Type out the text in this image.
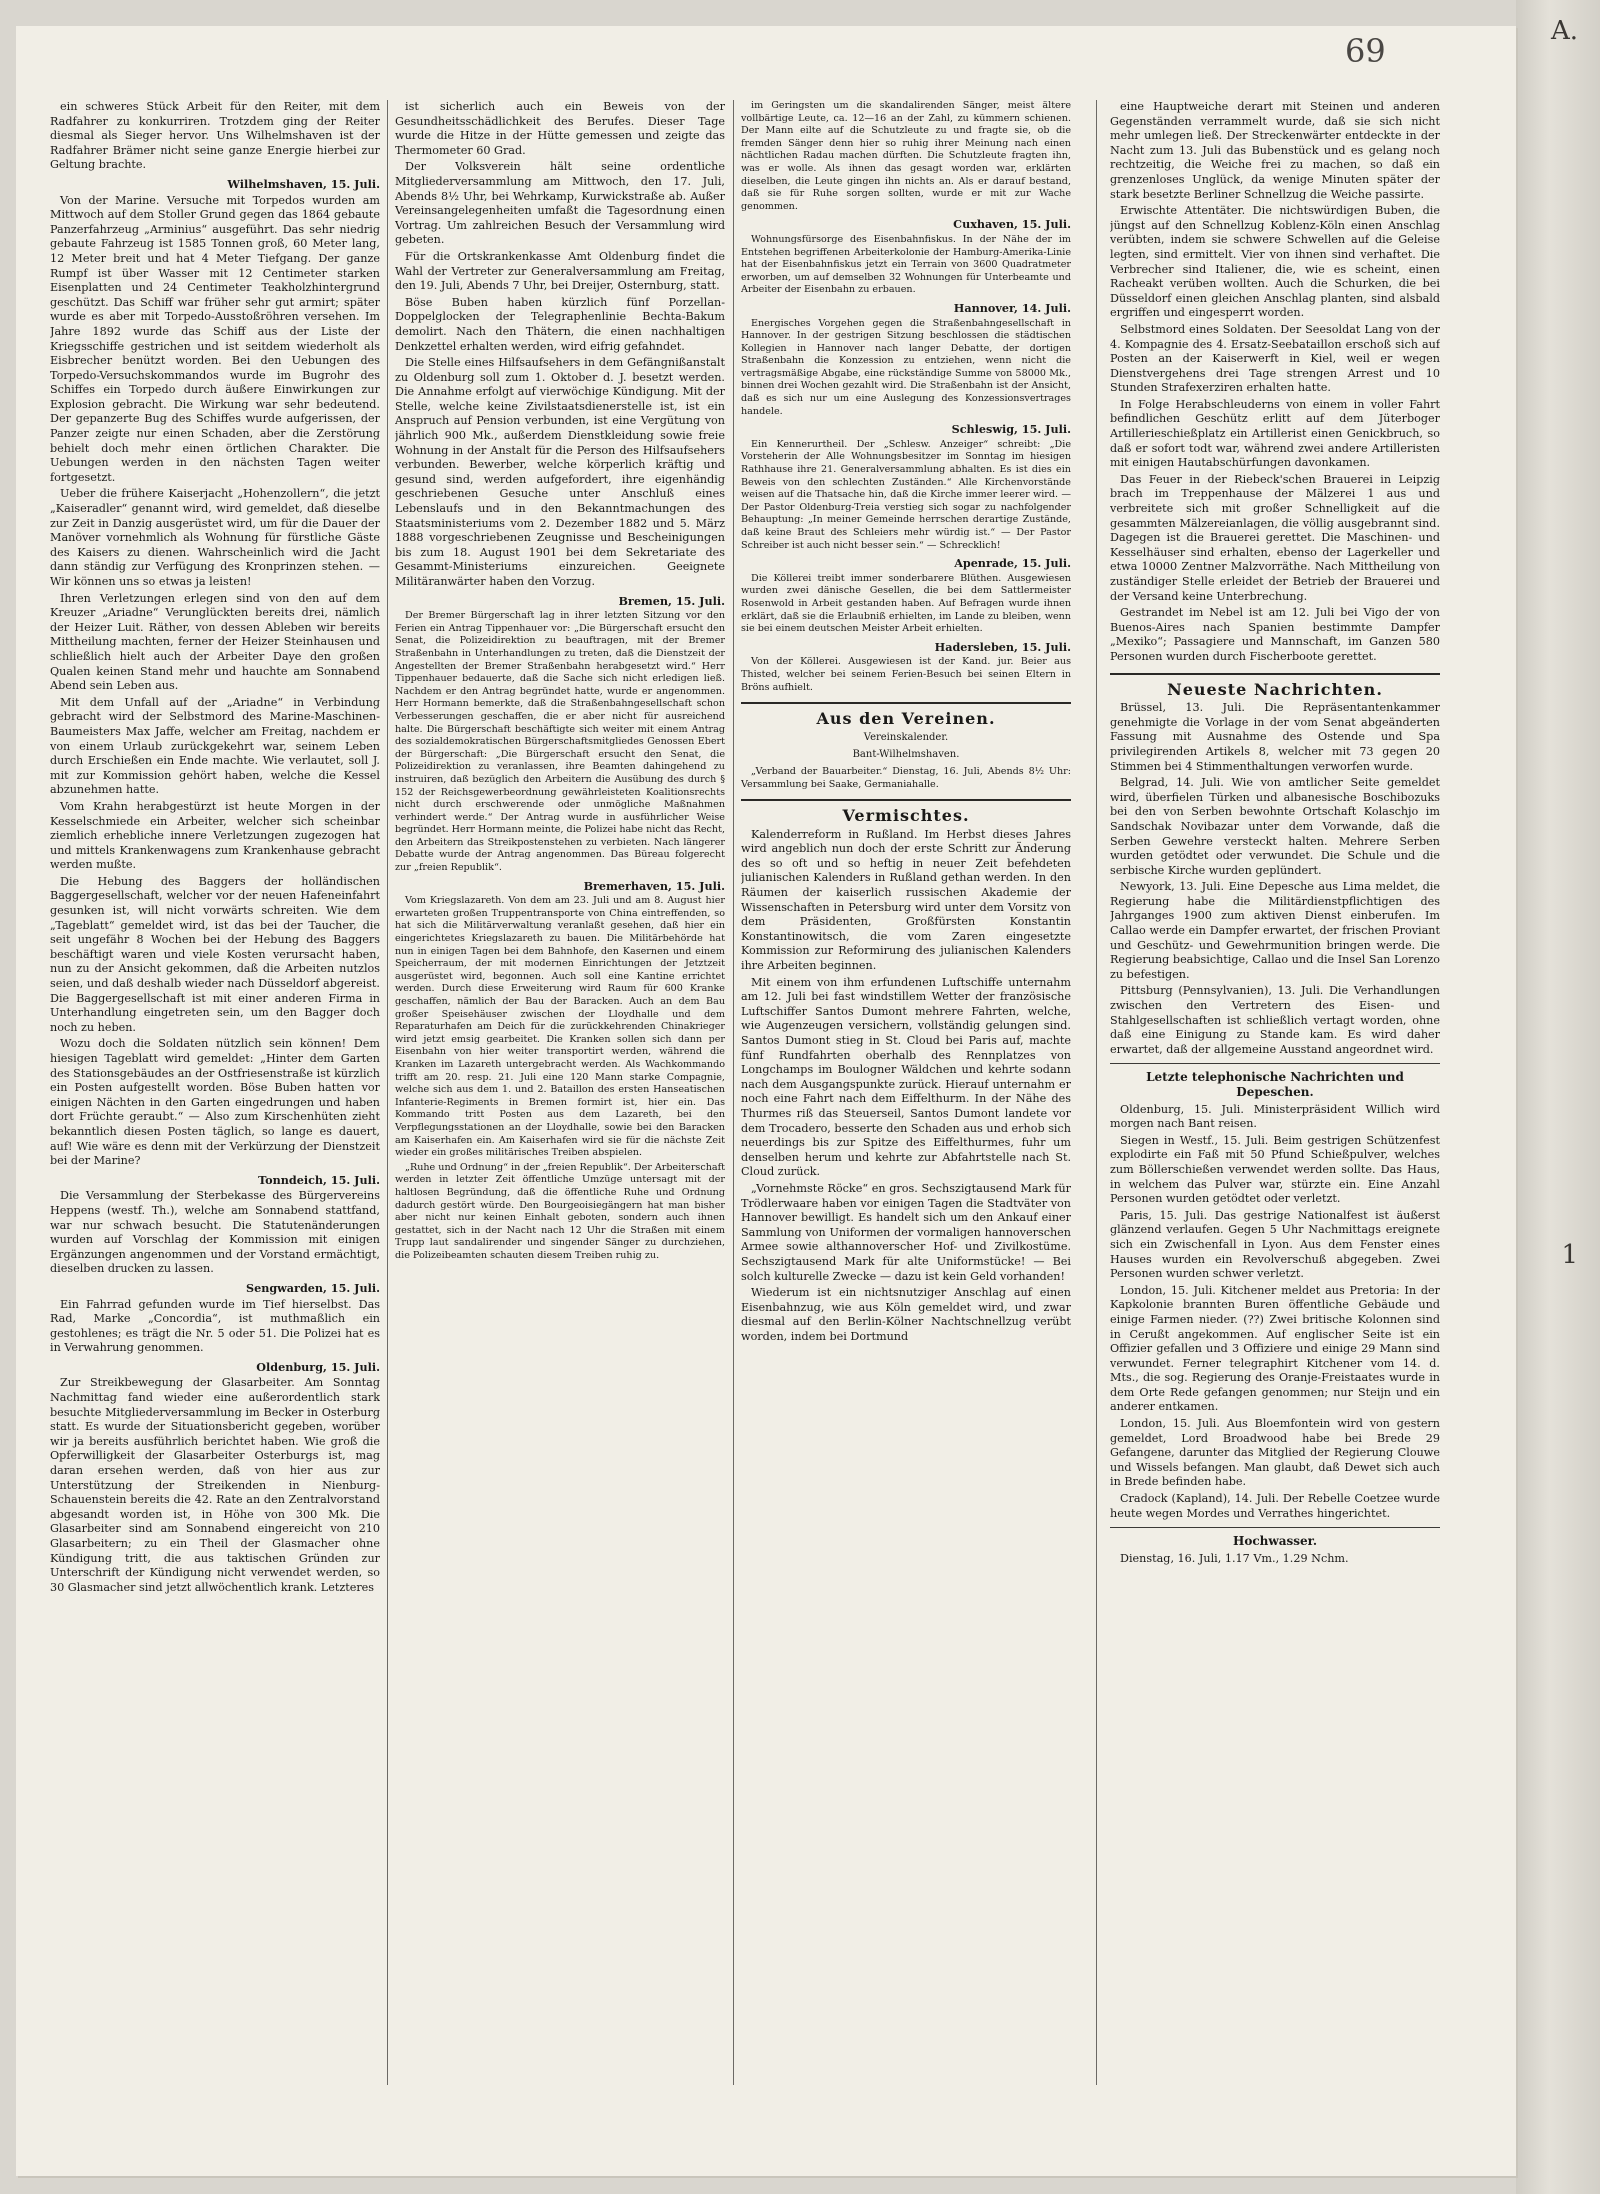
A.
1
69

ein schweres Stück Arbeit für den Reiter, mit dem Radfahrer zu konkurriren. Trotzdem ging der Reiter diesmal als Sieger hervor. Uns Wilhelmshaven ist der Radfahrer Brämer nicht seine ganze Energie hierbei zur Geltung brachte.

Wilhelmshaven, 15. Juli.

Von der Marine. Versuche mit Torpedos wurden am Mittwoch auf dem Stoller Grund gegen das 1864 gebaute Panzerfahrzeug „Arminius“ ausgeführt. Das sehr niedrig gebaute Fahrzeug ist 1585 Tonnen groß, 60 Meter lang, 12 Meter breit und hat 4 Meter Tiefgang. Der ganze Rumpf ist über Wasser mit 12 Centimeter starken Eisenplatten und 24 Centimeter Teakholzhintergrund geschützt. Das Schiff war früher sehr gut armirt; später wurde es aber mit Torpedo-Ausstoßröhren versehen. Im Jahre 1892 wurde das Schiff aus der Liste der Kriegsschiffe gestrichen und ist seitdem wiederholt als Eisbrecher benützt worden. Bei den Uebungen des Torpedo-Versuchskommandos wurde im Bugrohr des Schiffes ein Torpedo durch äußere Einwirkungen zur Explosion gebracht. Die Wirkung war sehr bedeutend. Der gepanzerte Bug des Schiffes wurde aufgerissen, der Panzer zeigte nur einen Schaden, aber die Zerstörung behielt doch mehr einen örtlichen Charakter. Die Uebungen werden in den nächsten Tagen weiter fortgesetzt.

Ueber die frühere Kaiserjacht „Hohenzollern“, die jetzt „Kaiseradler“ genannt wird, wird gemeldet, daß dieselbe zur Zeit in Danzig ausgerüstet wird, um für die Dauer der Manöver vornehmlich als Wohnung für fürstliche Gäste des Kaisers zu dienen. Wahrscheinlich wird die Jacht dann ständig zur Verfügung des Kronprinzen stehen. — Wir können uns so etwas ja leisten!

Ihren Verletzungen erlegen sind von den auf dem Kreuzer „Ariadne“ Verunglückten bereits drei, nämlich der Heizer Luit. Räther, von dessen Ableben wir bereits Mittheilung machten, ferner der Heizer Steinhausen und schließlich hielt auch der Arbeiter Daye den großen Qualen keinen Stand mehr und hauchte am Sonnabend Abend sein Leben aus.

Mit dem Unfall auf der „Ariadne“ in Verbindung gebracht wird der Selbstmord des Marine-Maschinen-Baumeisters Max Jaffe, welcher am Freitag, nachdem er von einem Urlaub zurückgekehrt war, seinem Leben durch Erschießen ein Ende machte. Wie verlautet, soll J. mit zur Kommission gehört haben, welche die Kessel abzunehmen hatte.

Vom Krahn herabgestürzt ist heute Morgen in der Kesselschmiede ein Arbeiter, welcher sich scheinbar ziemlich erhebliche innere Verletzungen zugezogen hat und mittels Krankenwagens zum Krankenhause gebracht werden mußte.

Die Hebung des Baggers der holländischen Baggergesellschaft, welcher vor der neuen Hafeneinfahrt gesunken ist, will nicht vorwärts schreiten. Wie dem „Tageblatt“ gemeldet wird, ist das bei der Taucher, die seit ungefähr 8 Wochen bei der Hebung des Baggers beschäftigt waren und viele Kosten verursacht haben, nun zu der Ansicht gekommen, daß die Arbeiten nutzlos seien, und daß deshalb wieder nach Düsseldorf abgereist. Die Baggergesellschaft ist mit einer anderen Firma in Unterhandlung eingetreten sein, um den Bagger doch noch zu heben.

Wozu doch die Soldaten nützlich sein können! Dem hiesigen Tageblatt wird gemeldet: „Hinter dem Garten des Stationsgebäudes an der Ostfriesenstraße ist kürzlich ein Posten aufgestellt worden. Böse Buben hatten vor einigen Nächten in den Garten eingedrungen und haben dort Früchte geraubt.“ — Also zum Kirschenhüten zieht bekanntlich diesen Posten täglich, so lange es dauert, auf! Wie wäre es denn mit der Verkürzung der Dienstzeit bei der Marine?

Tonndeich, 15. Juli.

Die Versammlung der Sterbekasse des Bürgervereins Heppens (westf. Th.), welche am Sonnabend stattfand, war nur schwach besucht. Die Statutenänderungen wurden auf Vorschlag der Kommission mit einigen Ergänzungen angenommen und der Vorstand ermächtigt, dieselben drucken zu lassen.

Sengwarden, 15. Juli.

Ein Fahrrad gefunden wurde im Tief hierselbst. Das Rad, Marke „Concordia“, ist muthmaßlich ein gestohlenes; es trägt die Nr. 5 oder 51. Die Polizei hat es in Verwahrung genommen.

Oldenburg, 15. Juli.

Zur Streikbewegung der Glasarbeiter. Am Sonntag Nachmittag fand wieder eine außerordentlich stark besuchte Mitgliederversammlung im Becker in Osterburg statt. Es wurde der Situationsbericht gegeben, worüber wir ja bereits ausführlich berichtet haben. Wie groß die Opferwilligkeit der Glasarbeiter Osterburgs ist, mag daran ersehen werden, daß von hier aus zur Unterstützung der Streikenden in Nienburg-Schauenstein bereits die 42. Rate an den Zentralvorstand abgesandt worden ist, in Höhe von 300 Mk. Die Glasarbeiter sind am Sonnabend eingereicht von 210 Glasarbeitern; zu ein Theil der Glasmacher ohne Kündigung tritt, die aus taktischen Gründen zur Unterschrift der Kündigung nicht verwendet werden, so 30 Glasmacher sind jetzt allwöchentlich krank. Letzteres

ist sicherlich auch ein Beweis von der Gesundheitsschädlichkeit des Berufes. Dieser Tage wurde die Hitze in der Hütte gemessen und zeigte das Thermometer 60 Grad.

Der Volksverein hält seine ordentliche Mitgliederversammlung am Mittwoch, den 17. Juli, Abends 8½ Uhr, bei Wehrkamp, Kurwickstraße ab. Außer Vereinsangelegenheiten umfaßt die Tagesordnung einen Vortrag. Um zahlreichen Besuch der Versammlung wird gebeten.

Für die Ortskrankenkasse Amt Oldenburg findet die Wahl der Vertreter zur Generalversammlung am Freitag, den 19. Juli, Abends 7 Uhr, bei Dreijer, Osternburg, statt.

Böse Buben haben kürzlich fünf Porzellan-Doppelglocken der Telegraphenlinie Bechta-Bakum demolirt. Nach den Thätern, die einen nachhaltigen Denkzettel erhalten werden, wird eifrig gefahndet.

Die Stelle eines Hilfsaufsehers in dem Gefängnißanstalt zu Oldenburg soll zum 1. Oktober d. J. besetzt werden. Die Annahme erfolgt auf vierwöchige Kündigung. Mit der Stelle, welche keine Zivilstaatsdienerstelle ist, ist ein Anspruch auf Pension verbunden, ist eine Vergütung von jährlich 900 Mk., außerdem Dienstkleidung sowie freie Wohnung in der Anstalt für die Person des Hilfsaufsehers verbunden. Bewerber, welche körperlich kräftig und gesund sind, werden aufgefordert, ihre eigenhändig geschriebenen Gesuche unter Anschluß eines Lebenslaufs und in den Bekanntmachungen des Staatsministeriums vom 2. Dezember 1882 und 5. März 1888 vorgeschriebenen Zeugnisse und Bescheinigungen bis zum 18. August 1901 bei dem Sekretariate des Gesammt-Ministeriums einzureichen. Geeignete Militäranwärter haben den Vorzug.

Bremen, 15. Juli.

Der Bremer Bürgerschaft lag in ihrer letzten Sitzung vor den Ferien ein Antrag Tippenhauer vor: „Die Bürgerschaft ersucht den Senat, die Polizeidirektion zu beauftragen, mit der Bremer Straßenbahn in Unterhandlungen zu treten, daß die Dienstzeit der Angestellten der Bremer Straßenbahn herabgesetzt wird.“ Herr Tippenhauer bedauerte, daß die Sache sich nicht erledigen ließ. Nachdem er den Antrag begründet hatte, wurde er angenommen. Herr Hormann bemerkte, daß die Straßenbahngesellschaft schon Verbesserungen geschaffen, die er aber nicht für ausreichend halte. Die Bürgerschaft beschäftigte sich weiter mit einem Antrag des sozialdemokratischen Bürgerschaftsmitgliedes Genossen Ebert der Bürgerschaft: „Die Bürgerschaft ersucht den Senat, die Polizeidirektion zu veranlassen, ihre Beamten dahingehend zu instruiren, daß bezüglich den Arbeitern die Ausübung des durch § 152 der Reichsgewerbeordnung gewährleisteten Koalitionsrechts nicht durch erschwerende oder unmögliche Maßnahmen verhindert werde.“ Der Antrag wurde in ausführlicher Weise begründet. Herr Hormann meinte, die Polizei habe nicht das Recht, den Arbeitern das Streikpostenstehen zu verbieten. Nach längerer Debatte wurde der Antrag angenommen. Das Büreau folgerecht zur „freien Republik“.

Bremerhaven, 15. Juli.

Vom Kriegslazareth. Von dem am 23. Juli und am 8. August hier erwarteten großen Truppentransporte von China eintreffenden, so hat sich die Militärverwaltung veranlaßt gesehen, daß hier ein eingerichtetes Kriegslazareth zu bauen. Die Militärbehörde hat nun in einigen Tagen bei dem Bahnhofe, den Kasernen und einem Speicherraum, der mit modernen Einrichtungen der Jetztzeit ausgerüstet wird, begonnen. Auch soll eine Kantine errichtet werden. Durch diese Erweiterung wird Raum für 600 Kranke geschaffen, nämlich der Bau der Baracken. Auch an dem Bau großer Speisehäuser zwischen der Lloydhalle und dem Reparaturhafen am Deich für die zurückkehrenden Chinakrieger wird jetzt emsig gearbeitet. Die Kranken sollen sich dann per Eisenbahn von hier weiter transportirt werden, während die Kranken im Lazareth untergebracht werden. Als Wachkommando trifft am 20. resp. 21. Juli eine 120 Mann starke Compagnie, welche sich aus dem 1. und 2. Bataillon des ersten Hanseatischen Infanterie-Regiments in Bremen formirt ist, hier ein. Das Kommando tritt Posten aus dem Lazareth, bei den Verpflegungsstationen an der Lloydhalle, sowie bei den Baracken am Kaiserhafen ein. Am Kaiserhafen wird sie für die nächste Zeit wieder ein großes militärisches Treiben abspielen.

„Ruhe und Ordnung“ in der „freien Republik“. Der Arbeiterschaft werden in letzter Zeit öffentliche Umzüge untersagt mit der haltlosen Begründung, daß die öffentliche Ruhe und Ordnung dadurch gestört würde. Den Bourgeoisiegängern hat man bisher aber nicht nur keinen Einhalt geboten, sondern auch ihnen gestattet, sich in der Nacht nach 12 Uhr die Straßen mit einem Trupp laut sandalirender und singender Sänger zu durchziehen, die Polizeibeamten schauten diesem Treiben ruhig zu.

im Geringsten um die skandalirenden Sänger, meist ältere vollbärtige Leute, ca. 12—16 an der Zahl, zu kümmern schienen. Der Mann eilte auf die Schutzleute zu und fragte sie, ob die fremden Sänger denn hier so ruhig ihrer Meinung nach einen nächtlichen Radau machen dürften. Die Schutzleute fragten ihn, was er wolle. Als ihnen das gesagt worden war, erklärten dieselben, die Leute gingen ihn nichts an. Als er darauf bestand, daß sie für Ruhe sorgen sollten, wurde er mit zur Wache genommen.

Cuxhaven, 15. Juli.

Wohnungsfürsorge des Eisenbahnfiskus. In der Nähe der im Entstehen begriffenen Arbeiterkolonie der Hamburg-Amerika-Linie hat der Eisenbahnfiskus jetzt ein Terrain von 3600 Quadratmeter erworben, um auf demselben 32 Wohnungen für Unterbeamte und Arbeiter der Eisenbahn zu erbauen.

Hannover, 14. Juli.

Energisches Vorgehen gegen die Straßenbahngesellschaft in Hannover. In der gestrigen Sitzung beschlossen die städtischen Kollegien in Hannover nach langer Debatte, der dortigen Straßenbahn die Konzession zu entziehen, wenn nicht die vertragsmäßige Abgabe, eine rückständige Summe von 58000 Mk., binnen drei Wochen gezahlt wird. Die Straßenbahn ist der Ansicht, daß es sich nur um eine Auslegung des Konzessionsvertrages handele.

Schleswig, 15. Juli.

Ein Kennerurtheil. Der „Schlesw. Anzeiger“ schreibt: „Die Vorsteherin der Alle Wohnungsbesitzer im Sonntag im hiesigen Rathhause ihre 21. Generalversammlung abhalten. Es ist dies ein Beweis von den schlechten Zuständen.“ Alle Kirchenvorstände weisen auf die Thatsache hin, daß die Kirche immer leerer wird. — Der Pastor Oldenburg-Treia verstieg sich sogar zu nachfolgender Behauptung: „In meiner Gemeinde herrschen derartige Zustände, daß keine Braut des Schleiers mehr würdig ist.“ — Der Pastor Schreiber ist auch nicht besser sein.“ — Schrecklich!

Apenrade, 15. Juli.

Die Köllerei treibt immer sonderbarere Blüthen. Ausgewiesen wurden zwei dänische Gesellen, die bei dem Sattlermeister Rosenwold in Arbeit gestanden haben. Auf Befragen wurde ihnen erklärt, daß sie die Erlaubniß erhielten, im Lande zu bleiben, wenn sie bei einem deutschen Meister Arbeit erhielten.

Hadersleben, 15. Juli.

Von der Köllerei. Ausgewiesen ist der Kand. jur. Beier aus Thisted, welcher bei seinem Ferien-Besuch bei seinen Eltern in Bröns aufhielt.

Aus den Vereinen.
Vereinskalender.
Bant-Wilhelmshaven.

„Verband der Bauarbeiter.“ Dienstag, 16. Juli, Abends 8½ Uhr: Versammlung bei Saake, Germaniahalle.

Vermischtes.

Kalenderreform in Rußland. Im Herbst dieses Jahres wird angeblich nun doch der erste Schritt zur Änderung des so oft und so heftig in neuer Zeit befehdeten julianischen Kalenders in Rußland gethan werden. In den Räumen der kaiserlich russischen Akademie der Wissenschaften in Petersburg wird unter dem Vorsitz von dem Präsidenten, Großfürsten Konstantin Konstantinowitsch, die vom Zaren eingesetzte Kommission zur Reformirung des julianischen Kalenders ihre Arbeiten beginnen.

Mit einem von ihm erfundenen Luftschiffe unternahm am 12. Juli bei fast windstillem Wetter der französische Luftschiffer Santos Dumont mehrere Fahrten, welche, wie Augenzeugen versichern, vollständig gelungen sind. Santos Dumont stieg in St. Cloud bei Paris auf, machte fünf Rundfahrten oberhalb des Rennplatzes von Longchamps im Boulogner Wäldchen und kehrte sodann nach dem Ausgangspunkte zurück. Hierauf unternahm er noch eine Fahrt nach dem Eiffelthurm. In der Nähe des Thurmes riß das Steuerseil, Santos Dumont landete vor dem Trocadero, besserte den Schaden aus und erhob sich neuerdings bis zur Spitze des Eiffelthurmes, fuhr um denselben herum und kehrte zur Abfahrtstelle nach St. Cloud zurück.

„Vornehmste Röcke“ en gros. Sechszigtausend Mark für Trödlerwaare haben vor einigen Tagen die Stadtväter von Hannover bewilligt. Es handelt sich um den Ankauf einer Sammlung von Uniformen der vormaligen hannoverschen Armee sowie althannoverscher Hof- und Zivilkostüme. Sechszigtausend Mark für alte Uniformstücke! — Bei solch kulturelle Zwecke — dazu ist kein Geld vorhanden!

Wiederum ist ein nichtsnutziger Anschlag auf einen Eisenbahnzug, wie aus Köln gemeldet wird, und zwar diesmal auf den Berlin-Kölner Nachtschnellzug verübt worden, indem bei Dortmund

eine Hauptweiche derart mit Steinen und anderen Gegenständen verrammelt wurde, daß sie sich nicht mehr umlegen ließ. Der Streckenwärter entdeckte in der Nacht zum 13. Juli das Bubenstück und es gelang noch rechtzeitig, die Weiche frei zu machen, so daß ein grenzenloses Unglück, da wenige Minuten später der stark besetzte Berliner Schnellzug die Weiche passirte.

Erwischte Attentäter. Die nichtswürdigen Buben, die jüngst auf den Schnellzug Koblenz-Köln einen Anschlag verübten, indem sie schwere Schwellen auf die Geleise legten, sind ermittelt. Vier von ihnen sind verhaftet. Die Verbrecher sind Italiener, die, wie es scheint, einen Racheakt verüben wollten. Auch die Schurken, die bei Düsseldorf einen gleichen Anschlag planten, sind alsbald ergriffen und eingesperrt worden.

Selbstmord eines Soldaten. Der Seesoldat Lang von der 4. Kompagnie des 4. Ersatz-Seebataillon erschoß sich auf Posten an der Kaiserwerft in Kiel, weil er wegen Dienstvergehens drei Tage strengen Arrest und 10 Stunden Strafexerziren erhalten hatte.

In Folge Herabschleuderns von einem in voller Fahrt befindlichen Geschütz erlitt auf dem Jüterboger Artillerieschießplatz ein Artillerist einen Genickbruch, so daß er sofort todt war, während zwei andere Artilleristen mit einigen Hautabschürfungen davonkamen.

Das Feuer in der Riebeck'schen Brauerei in Leipzig brach im Treppenhause der Mälzerei 1 aus und verbreitete sich mit großer Schnelligkeit auf die gesammten Mälzereianlagen, die völlig ausgebrannt sind. Dagegen ist die Brauerei gerettet. Die Maschinen- und Kesselhäuser sind erhalten, ebenso der Lagerkeller und etwa 10000 Zentner Malzvorräthe. Nach Mittheilung von zuständiger Stelle erleidet der Betrieb der Brauerei und der Versand keine Unterbrechung.

Gestrandet im Nebel ist am 12. Juli bei Vigo der von Buenos-Aires nach Spanien bestimmte Dampfer „Mexiko“; Passagiere und Mannschaft, im Ganzen 580 Personen wurden durch Fischerboote gerettet.

Neueste Nachrichten.

Brüssel, 13. Juli. Die Repräsentantenkammer genehmigte die Vorlage in der vom Senat abgeänderten Fassung mit Ausnahme des Ostende und Spa privilegirenden Artikels 8, welcher mit 73 gegen 20 Stimmen bei 4 Stimmenthaltungen verworfen wurde.

Belgrad, 14. Juli. Wie von amtlicher Seite gemeldet wird, überfielen Türken und albanesische Boschibozuks bei den von Serben bewohnte Ortschaft Kolaschjo im Sandschak Novibazar unter dem Vorwande, daß die Serben Gewehre versteckt halten. Mehrere Serben wurden getödtet oder verwundet. Die Schule und die serbische Kirche wurden geplündert.

Newyork, 13. Juli. Eine Depesche aus Lima meldet, die Regierung habe die Militärdienstpflichtigen des Jahrganges 1900 zum aktiven Dienst einberufen. Im Callao werde ein Dampfer erwartet, der frischen Proviant und Geschütz- und Gewehrmunition bringen werde. Die Regierung beabsichtige, Callao und die Insel San Lorenzo zu befestigen.

Pittsburg (Pennsylvanien), 13. Juli. Die Verhandlungen zwischen den Vertretern des Eisen- und Stahlgesellschaften ist schließlich vertagt worden, ohne daß eine Einigung zu Stande kam. Es wird daher erwartet, daß der allgemeine Ausstand angeordnet wird.

Letzte telephonische Nachrichten und Depeschen.

Oldenburg, 15. Juli. Ministerpräsident Willich wird morgen nach Bant reisen.

Siegen in Westf., 15. Juli. Beim gestrigen Schützenfest explodirte ein Faß mit 50 Pfund Schießpulver, welches zum Böllerschießen verwendet werden sollte. Das Haus, in welchem das Pulver war, stürzte ein. Eine Anzahl Personen wurden getödtet oder verletzt.

Paris, 15. Juli. Das gestrige Nationalfest ist äußerst glänzend verlaufen. Gegen 5 Uhr Nachmittags ereignete sich ein Zwischenfall in Lyon. Aus dem Fenster eines Hauses wurden ein Revolverschuß abgegeben. Zwei Personen wurden schwer verletzt.

London, 15. Juli. Kitchener meldet aus Pretoria: In der Kapkolonie brannten Buren öffentliche Gebäude und einige Farmen nieder. (??) Zwei britische Kolonnen sind in Cerußt angekommen. Auf englischer Seite ist ein Offizier gefallen und 3 Offiziere und einige 29 Mann sind verwundet. Ferner telegraphirt Kitchener vom 14. d. Mts., die sog. Regierung des Oranje-Freistaates wurde in dem Orte Rede gefangen genommen; nur Steijn und ein anderer entkamen.

London, 15. Juli. Aus Bloemfontein wird von gestern gemeldet, Lord Broadwood habe bei Brede 29 Gefangene, darunter das Mitglied der Regierung Clouwe und Wissels befangen. Man glaubt, daß Dewet sich auch in Brede befinden habe.

Cradock (Kapland), 14. Juli. Der Rebelle Coetzee wurde heute wegen Mordes und Verrathes hingerichtet.

Hochwasser.

Dienstag, 16. Juli, 1.17 Vm., 1.29 Nchm.
